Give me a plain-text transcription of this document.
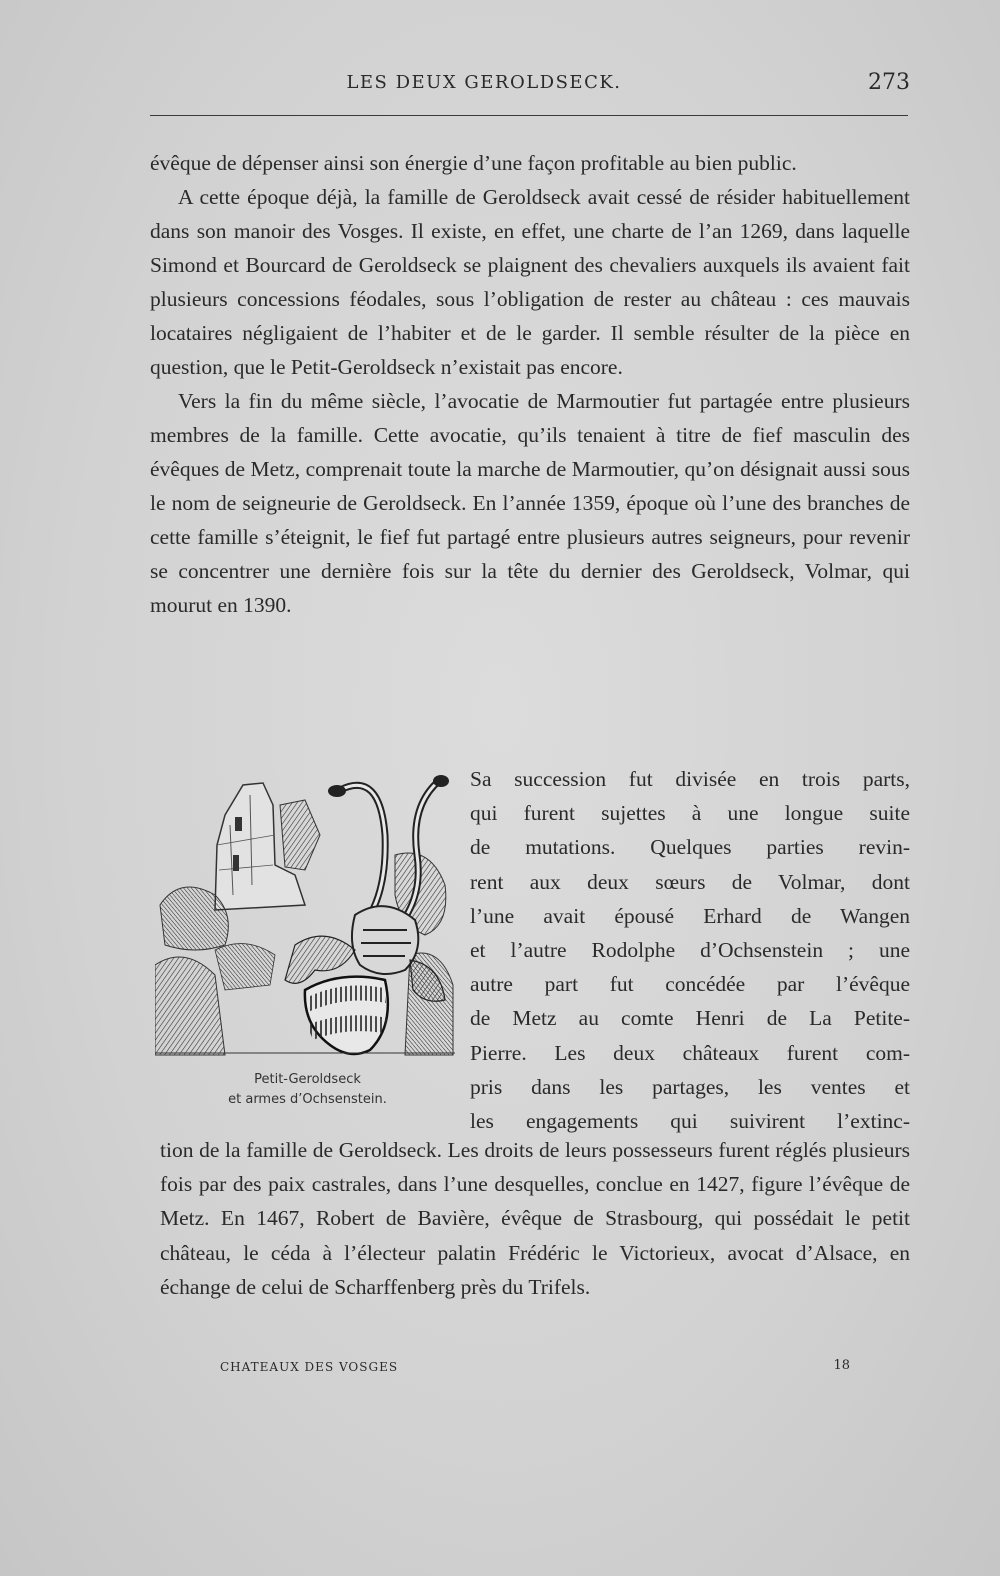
LES DEUX GEROLDSECK.	273

évêque de dépenser ainsi son énergie d’une façon profitable au bien public.

A cette époque déjà, la famille de Geroldseck avait cessé de résider habituellement dans son manoir des Vosges. Il existe, en effet, une charte de l’an 1269, dans laquelle Simond et Bourcard de Geroldseck se plaignent des chevaliers auxquels ils avaient fait plusieurs concessions féodales, sous l’obligation de rester au château : ces mauvais locataires négligaient de l’habiter et de le garder. Il semble résulter de la pièce en question, que le Petit-Geroldseck n’existait pas encore.

Vers la fin du même siècle, l’avocatie de Marmoutier fut partagée entre plusieurs membres de la famille. Cette avocatie, qu’ils tenaient à titre de fief masculin des évêques de Metz, comprenait toute la marche de Marmoutier, qu’on désignait aussi sous le nom de seigneurie de Geroldseck. En l’année 1359, époque où l’une des branches de cette famille s’éteignit, le fief fut partagé entre plusieurs autres seigneurs, pour revenir se concentrer une dernière fois sur la tête du dernier des Geroldseck, Volmar, qui mourut en 1390.

Petit-Geroldseck
et armes d’Ochsenstein.
Sa succession fut divisée en trois parts,
qui furent sujettes à une longue suite
de mutations. Quelques parties revin-
rent aux deux sœurs de Volmar, dont
l’une avait épousé Erhard de Wangen
et l’autre Rodolphe d’Ochsenstein ; une
autre part fut concédée par l’évêque
de Metz au comte Henri de La Petite-
Pierre. Les deux châteaux furent com-
pris dans les partages, les ventes et
les engagements qui suivirent l’extinc-

tion de la famille de Geroldseck. Les droits de leurs possesseurs furent réglés plusieurs fois par des paix castrales, dans l’une desquelles, conclue en 1427, figure l’évêque de Metz. En 1467, Robert de Bavière, évêque de Strasbourg, qui possédait le petit château, le céda à l’électeur palatin Frédéric le Victorieux, avocat d’Alsace, en échange de celui de Scharffenberg près du Trifels.

CHATEAUX DES VOSGES	18
